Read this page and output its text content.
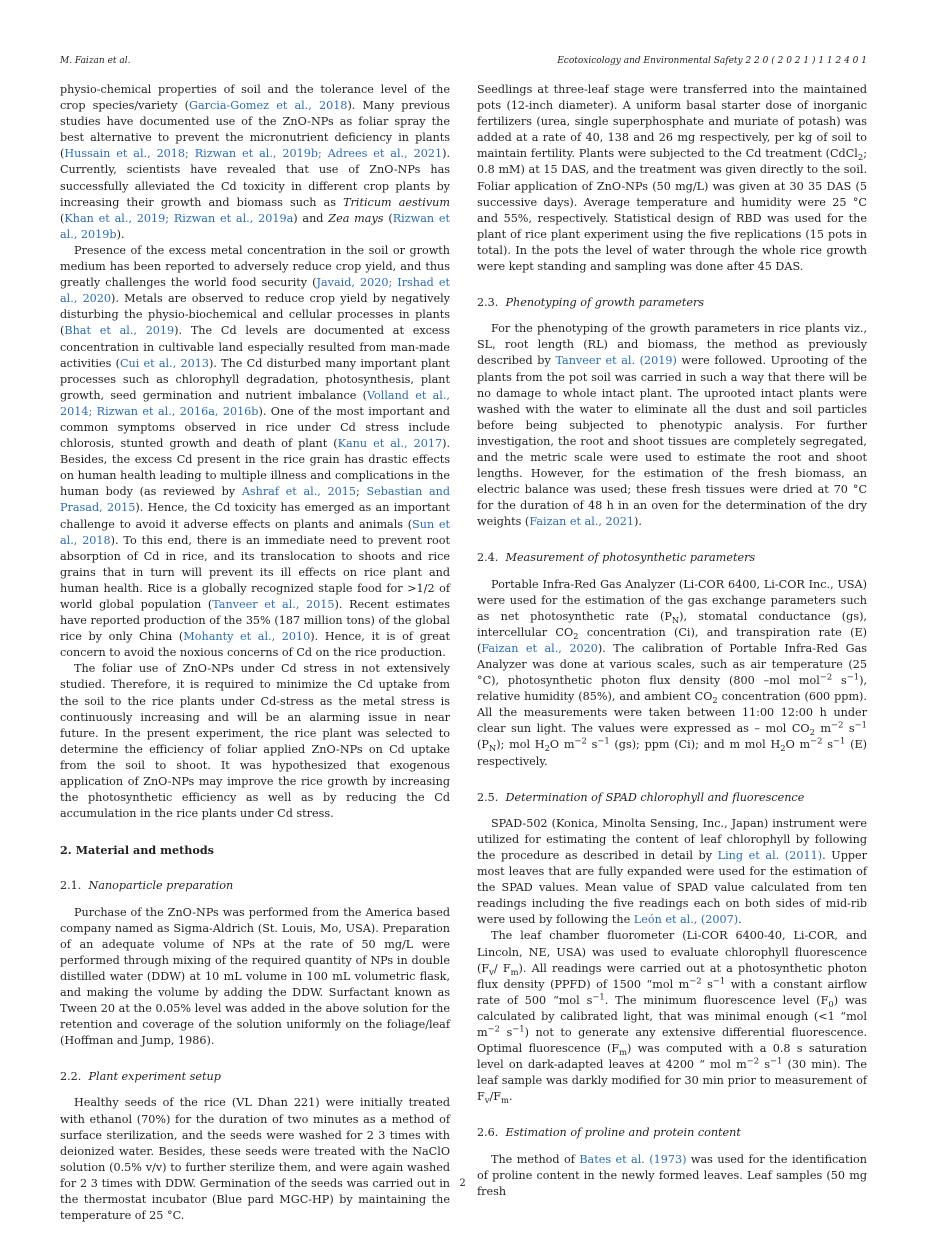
M. Faizan et al.	Ecotoxicology and Environmental Safety 2 2 0 ( 2 0 2 1 ) 1 1 2 4 0 1

physio-chemical properties of soil and the tolerance level of the crop species/variety (Garcia-Gomez et al., 2018). Many previous studies have documented use of the ZnO-NPs as foliar spray the best alternative to prevent the micronutrient deficiency in plants (Hussain et al., 2018; Rizwan et al., 2019b; Adrees et al., 2021). Currently, scientists have revealed that use of ZnO-NPs has successfully alleviated the Cd toxicity in different crop plants by increasing their growth and biomass such as Triticum aestivum (Khan et al., 2019; Rizwan et al., 2019a) and Zea mays (Rizwan et al., 2019b).

Presence of the excess metal concentration in the soil or growth medium has been reported to adversely reduce crop yield, and thus greatly challenges the world food security (Javaid, 2020; Irshad et al., 2020). Metals are observed to reduce crop yield by negatively disturbing the physio-biochemical and cellular processes in plants (Bhat et al., 2019). The Cd levels are documented at excess concentration in cultivable land especially resulted from man-made activities (Cui et al., 2013). The Cd disturbed many important plant processes such as chlorophyll degradation, photosynthesis, plant growth, seed germination and nutrient imbalance (Volland et al., 2014; Rizwan et al., 2016a, 2016b). One of the most important and common symptoms observed in rice under Cd stress include chlorosis, stunted growth and death of plant (Kanu et al., 2017). Besides, the excess Cd present in the rice grain has drastic effects on human health leading to multiple illness and complications in the human body (as reviewed by Ashraf et al., 2015; Sebastian and Prasad, 2015). Hence, the Cd toxicity has emerged as an important challenge to avoid it adverse effects on plants and animals (Sun et al., 2018). To this end, there is an immediate need to prevent root absorption of Cd in rice, and its translocation to shoots and rice grains that in turn will prevent its ill effects on rice plant and human health. Rice is a globally recognized staple food for >1/2 of world global population (Tanveer et al., 2015). Recent estimates have reported production of the 35% (187 million tons) of the global rice by only China (Mohanty et al., 2010). Hence, it is of great concern to avoid the noxious concerns of Cd on the rice production.

The foliar use of ZnO-NPs under Cd stress in not extensively studied. Therefore, it is required to minimize the Cd uptake from the soil to the rice plants under Cd-stress as the metal stress is continuously increasing and will be an alarming issue in near future. In the present experiment, the rice plant was selected to determine the efficiency of foliar applied ZnO-NPs on Cd uptake from the soil to shoot. It was hypothesized that exogenous application of ZnO-NPs may improve the rice growth by increasing the photosynthetic efficiency as well as by reducing the Cd accumulation in the rice plants under Cd stress.

2. Material and methods
2.1. Nanoparticle preparation

Purchase of the ZnO-NPs was performed from the America based company named as Sigma-Aldrich (St. Louis, Mo, USA). Preparation of an adequate volume of NPs at the rate of 50 mg/L were performed through mixing of the required quantity of NPs in double distilled water (DDW) at 10 mL volume in 100 mL volumetric flask, and making the volume by adding the DDW. Surfactant known as Tween 20 at the 0.05% level was added in the above solution for the retention and coverage of the solution uniformly on the foliage/leaf (Hoffman and Jump, 1986).

2.2. Plant experiment setup

Healthy seeds of the rice (VL Dhan 221) were initially treated with ethanol (70%) for the duration of two minutes as a method of surface sterilization, and the seeds were washed for 2 3 times with deionized water. Besides, these seeds were treated with the NaClO solution (0.5% v/v) to further sterilize them, and were again washed for 2 3 times with DDW. Germination of the seeds was carried out in the thermostat incubator (Blue pard MGC-HP) by maintaining the temperature of 25 °C.

Seedlings at three-leaf stage were transferred into the maintained pots (12-inch diameter). A uniform basal starter dose of inorganic fertilizers (urea, single superphosphate and muriate of potash) was added at a rate of 40, 138 and 26 mg respectively, per kg of soil to maintain fertility. Plants were subjected to the Cd treatment (CdCl$_2$; 0.8 mM) at 15 DAS, and the treatment was given directly to the soil. Foliar application of ZnO-NPs (50 mg/L) was given at 30 35 DAS (5 successive days). Average temperature and humidity were 25 °C and 55%, respectively. Statistical design of RBD was used for the plant of rice plant experiment using the five replications (15 pots in total). In the pots the level of water through the whole rice growth were kept standing and sampling was done after 45 DAS.

2.3. Phenotyping of growth parameters

For the phenotyping of the growth parameters in rice plants viz., SL, root length (RL) and biomass, the method as previously described by Tanveer et al. (2019) were followed. Uprooting of the plants from the pot soil was carried in such a way that there will be no damage to whole intact plant. The uprooted intact plants were washed with the water to eliminate all the dust and soil particles before being subjected to phenotypic analysis. For further investigation, the root and shoot tissues are completely segregated, and the metric scale were used to estimate the root and shoot lengths. However, for the estimation of the fresh biomass, an electric balance was used; these fresh tissues were dried at 70 °C for the duration of 48 h in an oven for the determination of the dry weights (Faizan et al., 2021).

2.4. Measurement of photosynthetic parameters

Portable Infra-Red Gas Analyzer (Li-COR 6400, Li-COR Inc., USA) were used for the estimation of the gas exchange parameters such as net photosynthetic rate $(P_N)$, stomatal conductance (gs), intercellular $CO_2$ concentration (Ci), and transpiration rate (E) (Faizan et al., 2020). The calibration of Portable Infra-Red Gas Analyzer was done at various scales, such as air temperature (25 °C), photosynthetic photon flux density (800 –mol mol$^{-2}$ $s^{-1}$), relative humidity (85%), and ambient $CO_2$ concentration (600 ppm). All the measurements were taken between 11:00 12:00 h under clear sun light. The values were expressed as – mol $CO_2$ $m^{-2}$ $s^{-1}$ $(P_N)$; mol $H_2O$ $m^{-2}$ $s^{-1}$ (gs); ppm (Ci); and m mol $H_2O$ $m^{-2}$ $s^{-1}$ (E) respectively.

2.5. Determination of SPAD chlorophyll and fluorescence

SPAD-502 (Konica, Minolta Sensing, Inc., Japan) instrument were utilized for estimating the content of leaf chlorophyll by following the procedure as described in detail by Ling et al. (2011). Upper most leaves that are fully expanded were used for the estimation of the SPAD values. Mean value of SPAD value calculated from ten readings including the five readings each on both sides of mid-rib were used by following the León et al., (2007).

The leaf chamber fluorometer (Li-COR 6400-40, Li-COR, and Lincoln, NE, USA) was used to evaluate chlorophyll fluorescence ($F_v/$ $F_m$). All readings were carried out at a photosynthetic photon flux density (PPFD) of 1500 “mol $m^{-2}$ $s^{-1}$ with a constant airflow rate of 500 “mol $s^{-1}$. The minimum fluorescence level $(F_0)$ was calculated by calibrated light, that was minimal enough (<1 “mol $m^{-2}$ $s^{-1}$) not to generate any extensive differential fluorescence. Optimal fluorescence $(F_m)$ was computed with a 0.8 s saturation level on dark-adapted leaves at 4200 “ mol $m^{-2}$ $s^{-1}$ (30 min). The leaf sample was darkly modified for 30 min prior to measurement of $F_v/F_m$.

2.6. Estimation of proline and protein content

The method of Bates et al. (1973) was used for the identification of proline content in the newly formed leaves. Leaf samples (50 mg fresh

2
